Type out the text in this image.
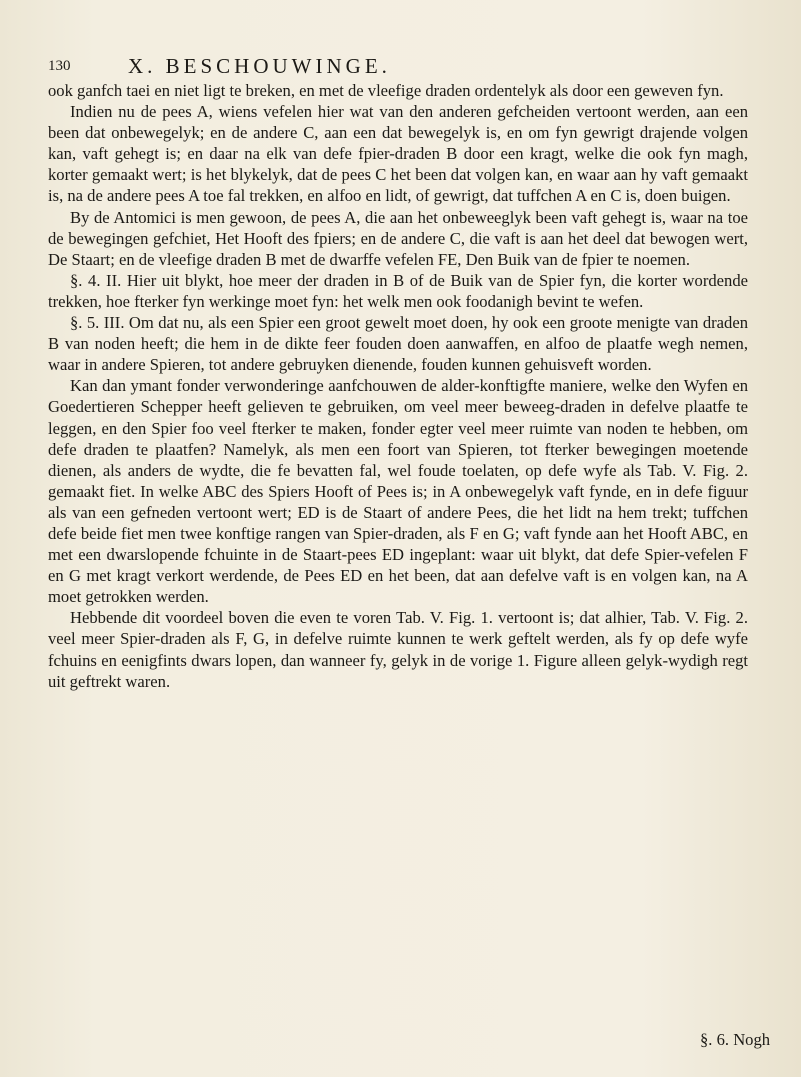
130	X. BESCHOUWINGE.

ook ganfch taei en niet ligt te breken, en met de vleefige draden ordentelyk als door een geweven fyn.

Indien nu de pees A, wiens vefelen hier wat van den anderen gefcheiden vertoont werden, aan een been dat onbewegelyk; en de andere C, aan een dat bewegelyk is, en om fyn gewrigt drajende volgen kan, vaft gehegt is; en daar na elk van defe fpier-draden B door een kragt, welke die ook fyn magh, korter gemaakt wert; is het blykelyk, dat de pees C het been dat volgen kan, en waar aan hy vaft gemaakt is, na de andere pees A toe fal trekken, en alfoo en lidt, of gewrigt, dat tuffchen A en C is, doen buigen.

By de Antomici is men gewoon, de pees A, die aan het onbeweeglyk been vaft gehegt is, waar na toe de bewegingen gefchiet, Het Hooft des fpiers; en de andere C, die vaft is aan het deel dat bewogen wert, De Staart; en de vleefige draden B met de dwarffe vefelen FE, Den Buik van de fpier te noemen.

§. 4. II. Hier uit blykt, hoe meer der draden in B of de Buik van de Spier fyn, die korter wordende trekken, hoe fterker fyn werkinge moet fyn: het welk men ook foodanigh bevint te wefen.

§. 5. III. Om dat nu, als een Spier een groot gewelt moet doen, hy ook een groote menigte van draden B van noden heeft; die hem in de dikte feer fouden doen aanwaffen, en alfoo de plaatfe wegh nemen, waar in andere Spieren, tot andere gebruyken dienende, fouden kunnen gehuisveft worden.

Kan dan ymant fonder verwonderinge aanfchouwen de alder-konftigfte maniere, welke den Wyfen en Goedertieren Schepper heeft gelieven te gebruiken, om veel meer beweeg-draden in defelve plaatfe te leggen, en den Spier foo veel fterker te maken, fonder egter veel meer ruimte van noden te hebben, om defe draden te plaatfen? Namelyk, als men een foort van Spieren, tot fterker bewegingen moetende dienen, als anders de wydte, die fe bevatten fal, wel foude toelaten, op defe wyfe als Tab. V. Fig. 2. gemaakt fiet. In welke ABC des Spiers Hooft of Pees is; in A onbewegelyk vaft fynde, en in defe figuur als van een gefneden vertoont wert; ED is de Staart of andere Pees, die het lidt na hem trekt; tuffchen defe beide fiet men twee konftige rangen van Spier-draden, als F en G; vaft fynde aan het Hooft ABC, en met een dwarslopende fchuinte in de Staart-pees ED ingeplant: waar uit blykt, dat defe Spier-vefelen F en G met kragt verkort werdende, de Pees ED en het been, dat aan defelve vaft is en volgen kan, na A moet getrokken werden.

Hebbende dit voordeel boven die even te voren Tab. V. Fig. 1. vertoont is; dat alhier, Tab. V. Fig. 2. veel meer Spier-draden als F, G, in defelve ruimte kunnen te werk geftelt werden, als fy op defe wyfe fchuins en eenigfints dwars lopen, dan wanneer fy, gelyk in de vorige 1. Figure alleen gelyk-wydigh regt uit geftrekt waren.

§. 6. Nogh
